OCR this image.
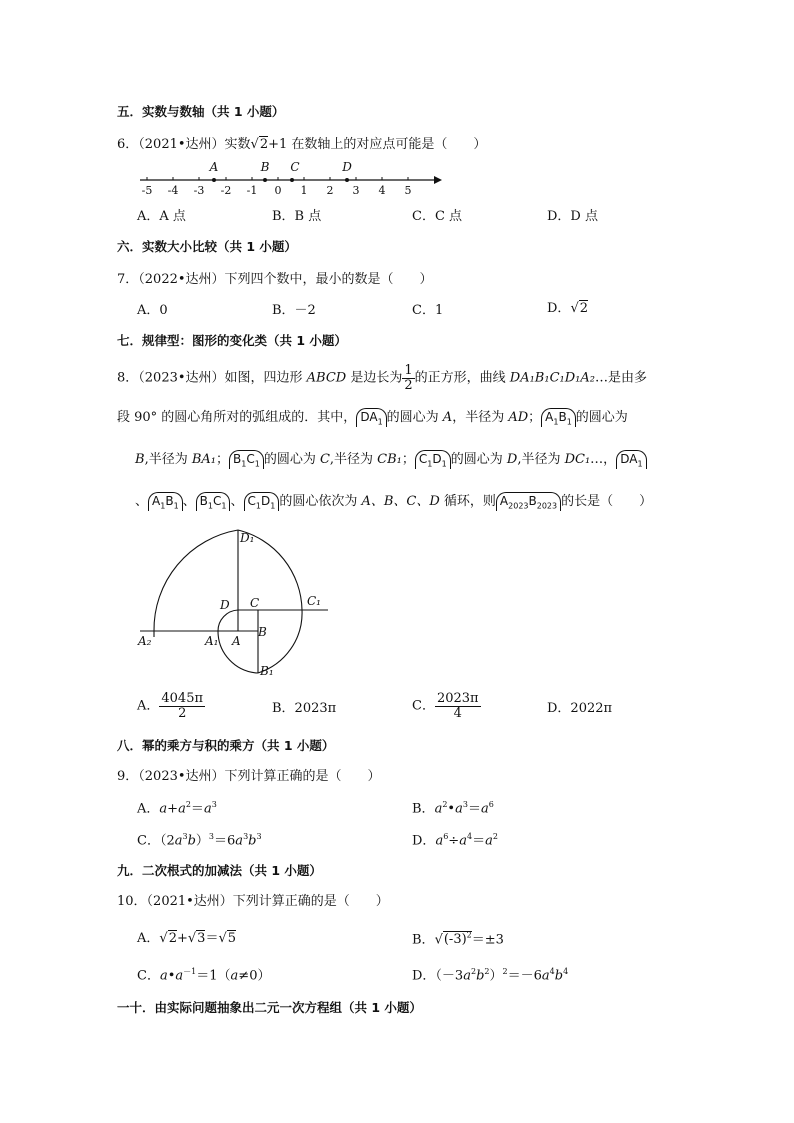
五．实数与数轴（共 1 小题）
6．（2021•达州）实数√2+1 在数轴上的对应点可能是（　　）
-5 -4 -3 -2 -1 0 1 2 3 4 5
A	B C	D
A．A 点	B．B 点	C．C 点	D．D 点
六．实数大小比较（共 1 小题）
7．（2022•达州）下列四个数中，最小的数是（　　）
A．0	B．－2	C．1	D．√2
七．规律型：图形的变化类（共 1 小题）
8．（2023•达州）如图，四边形 ABCD 是边长为 $\frac{1}{2}$ 的正方形，曲线 DA₁B₁C₁D₁A₂…是由多
段 90° 的圆心角所对的弧组成的．其中， $DA_1$ 的圆心为 A，半径为 AD； $A_1B_1$ 的圆心为
B,半径为 BA₁； $B_1C_1$ 的圆心为 C,半径为 CB₁； $C_1D_1$ 的圆心为 D,半径为 DC₁…， $DA_1$
、 $A_1B_1$ 、 $B_1C_1$ 、 $C_1D_1$ 的圆心依次为 A、B、C、D 循环，则 $A_{2023}B_{2023}$ 的长是（　　）
D₁
D C	C₁
A₂	A₁ A
B
B₁
A． $\frac{4045\pi}{2}$	B．2023π	C． $\frac{2023\pi}{4}$	D．2022π
八．幂的乘方与积的乘方（共 1 小题）
9．（2023•达州）下列计算正确的是（　　）
A．$a+a^2=a^3$	B．$a^2•a^3=a^6$
C．$(2a^3b)^3=6a^3b^3$	D．$a^6\div a^4=a^2$
九．二次根式的加减法（共 1 小题）
10．（2021•达州）下列计算正确的是（　　）
A．√2+√3＝√5	B．$√(-3)^2=\pm 3$
C．$a•a^{-1}=1(a\ne 0)$	D．$(-3a^2b^2)^2=-6a^4b^4$
一十．由实际问题抽象出二元一次方程组（共 1 小题）
